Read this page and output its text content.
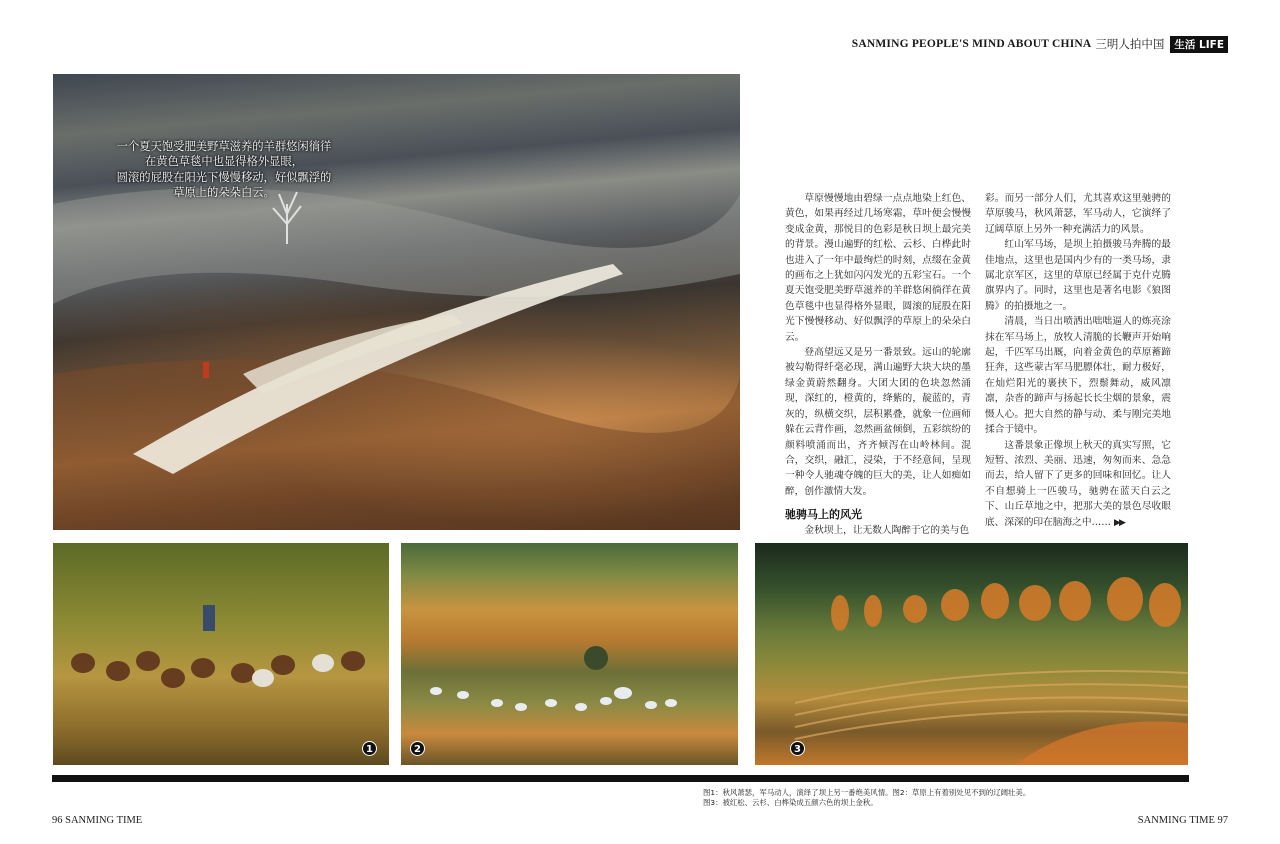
SANMING PEOPLE'S MIND ABOUT CHINA 三明人拍中国 生活 LIFE
一个夏天饱受肥美野草滋养的羊群悠闲徜徉
在黄色草毯中也显得格外显眼，
圆滚的屁股在阳光下慢慢移动，好似飘浮的
草原上的朵朵白云。
1	2	3

草原慢慢地由碧绿一点点地染上红色、黄色，如果再经过几场寒霜，草叶便会慢慢变成金黄，那悦目的色彩是秋日坝上最完美的背景。漫山遍野的红松、云杉、白桦此时也进入了一年中最绚烂的时刻，点缀在金黄的画布之上犹如闪闪发光的五彩宝石。一个夏天饱受肥美野草滋养的羊群悠闲徜徉在黄色草毯中也显得格外显眼，圆滚的屁股在阳光下慢慢移动、好似飘浮的草原上的朵朵白云。

登高望远又是另一番景致。远山的轮廓被勾勒得纤毫必现，满山遍野大块大块的墨绿金黄蔚然翻身。大团大团的色块忽然涌现，深红的，橙黄的，绛紫的，靛蓝的，青灰的，纵横交织，层积累叠，就象一位画师躲在云背作画，忽然画盆倾倒，五彩缤纷的颜料喷涌而出，齐齐倾泻在山岭林间。混合，交织，融汇，浸染，于不经意间，呈现一种令人驰魂夺魄的巨大的美，让人如痴如醉，创作激情大发。

驰骋马上的风光

金秋坝上，让无数人陶醉于它的美与色

彩。而另一部分人们，尤其喜欢这里驰骋的草原骏马，秋风萧瑟，军马动人，它演绎了辽阔草原上另外一种充满活力的风景。

红山军马场，是坝上拍摄骏马奔腾的最佳地点，这里也是国内少有的一类马场，隶属北京军区，这里的草原已经属于克什克腾旗界内了。同时，这里也是著名电影《狼图腾》的拍摄地之一。

清晨，当日出喷洒出咄咄逼人的炼亮涂抹在军马场上，放牧人清脆的长鞭声开始响起，千匹军马出厩，向着金黄色的草原蓄蹄狂奔，这些蒙古军马肥膘体壮，耐力极好，在灿烂阳光的裹挟下，烈鬃舞动，威风凛凛，杂沓的蹄声与扬起长长尘烟的景象，震慑人心。把大自然的静与动、柔与刚完美地揉合于镜中。

这番景象正像坝上秋天的真实写照，它短暂、浓烈、美丽、迅速，匆匆而来、急急而去，给人留下了更多的回味和回忆。让人不自想骑上一匹骏马，驰骋在蓝天白云之下、山丘草地之中，把那大美的景色尽收眼底、深深的印在脑海之中…… ▶▶

图1：秋风萧瑟，军马动人，演绎了坝上另一番绝美风情。图2：草原上有着别处见不到的辽阔壮美。
图3：被红松、云杉、白桦染成五颜六色的坝上金秋。
96 SANMING TIME	SANMING TIME 97
